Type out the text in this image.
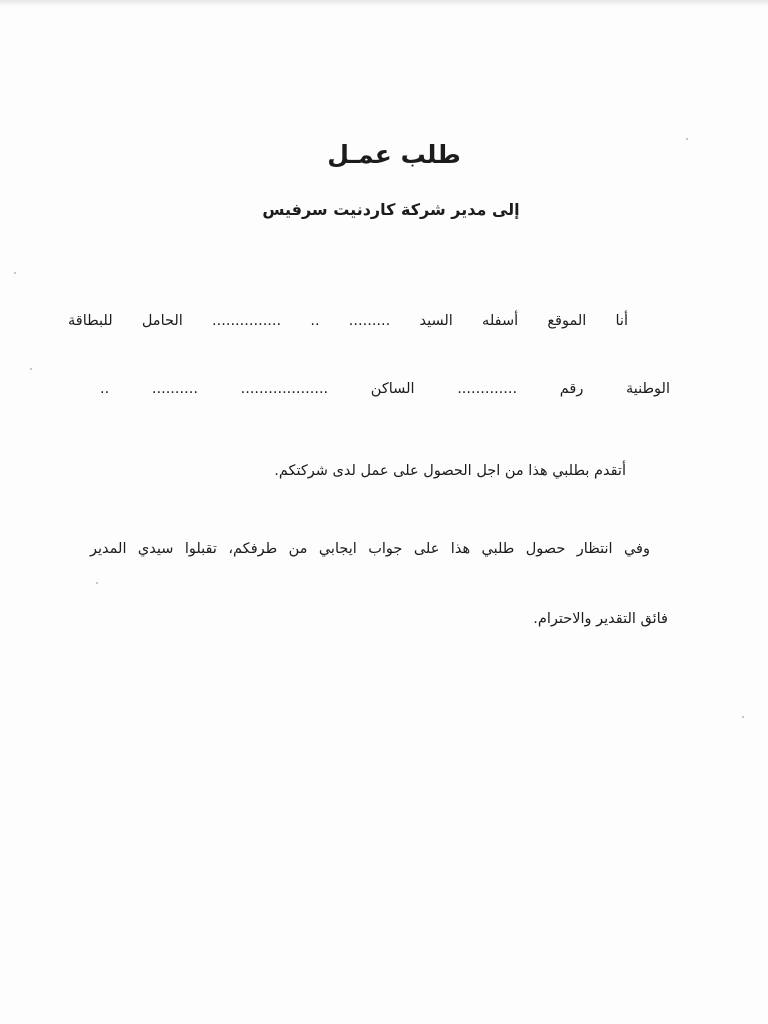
طلب عمـل
إلى مدير شركة كاردنيت سرفيس
أنا الموقع أسفله السيد ......... .. ............... الحامل للبطاقة
الوطنية رقم ............. الساكن ................... .......... ..
أتقدم بطلبي هذا من اجل الحصول على عمل لدى شركتكم.
وفي انتظار حصول طلبي هذا على جواب ايجابي من طرفكم، تقبلوا سيدي المدير
فائق التقدير والاحترام.
